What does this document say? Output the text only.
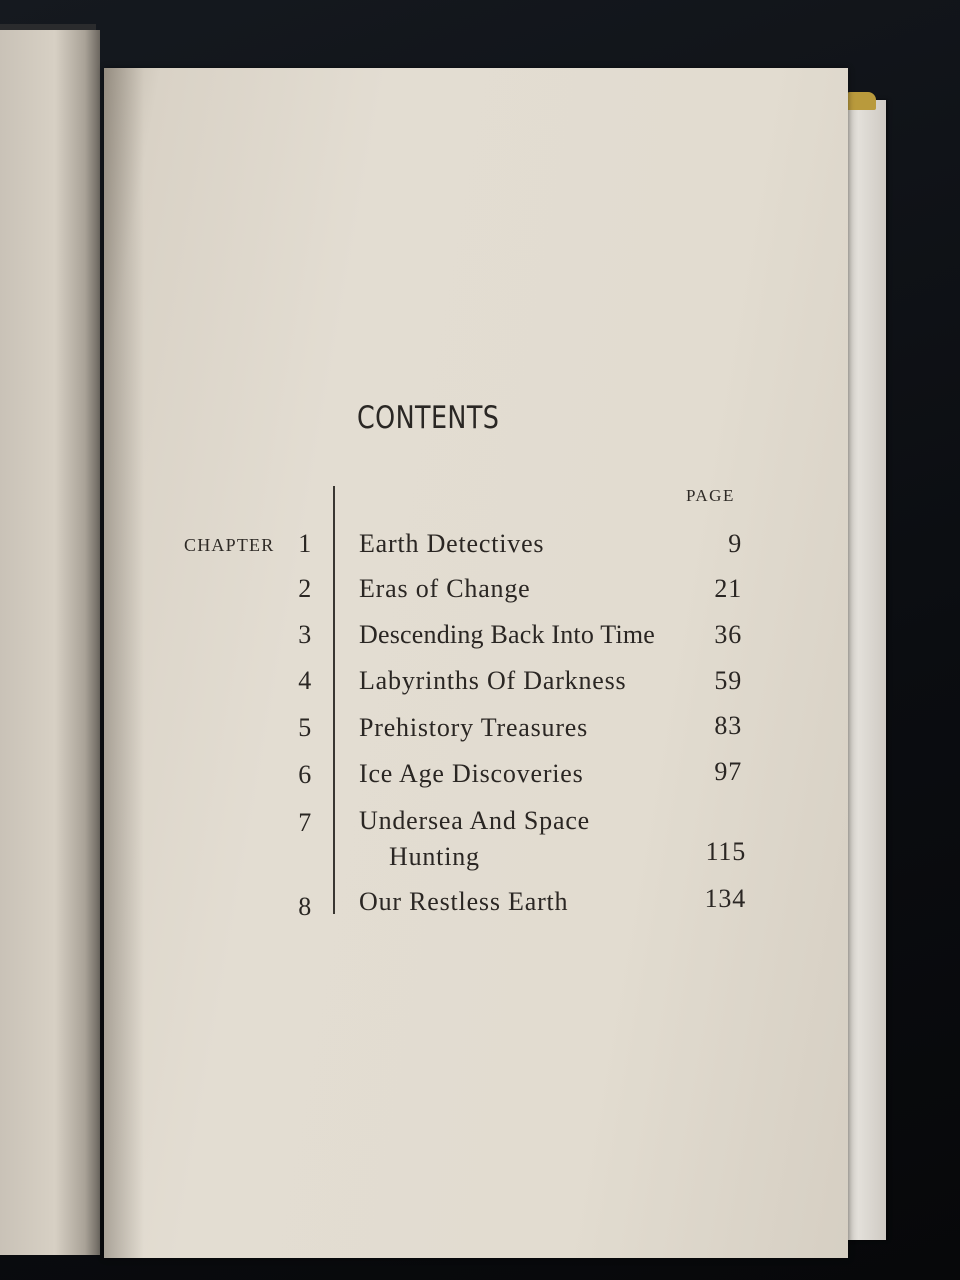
CONTENTS
PAGE
CHAPTER 1 Earth Detectives	9
2 Eras of Change	21
3 Descending Back Into Time	36
4 Labyrinths Of Darkness	59
5 Prehistory Treasures	83
6 Ice Age Discoveries	97
7 Undersea And Space
Hunting	115
8 Our Restless Earth	134
